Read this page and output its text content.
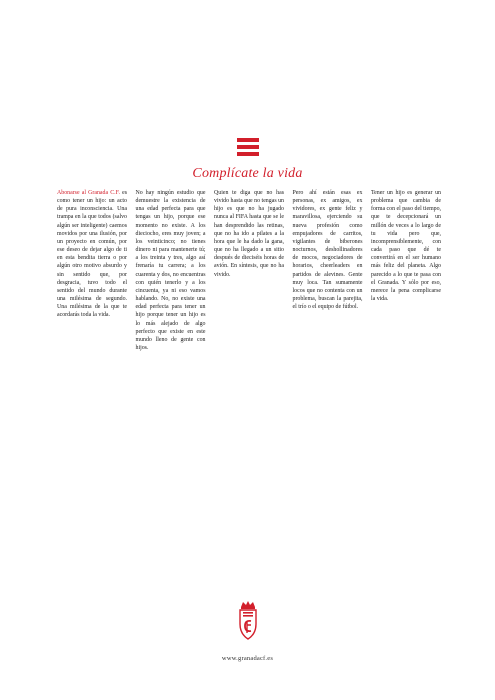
Complícate la vida

Abonarse al Granada C.F. es como tener un hijo: un acto de pura inconsciencia. Una trampa en la que todos (salvo algún ser inteligente) caemos movidos por una ilusión, por un proyecto en común, por ese deseo de dejar algo de ti en esta bendita tierra o por algún otro motivo absurdo y sin sentido que, por desgracia, tuvo todo el sentido del mundo durante una milésima de segundo. Una milésima de la que te acordarás toda la vida.

No hay ningún estudio que demuestre la existencia de una edad perfecta para que tengas un hijo, porque ese momento no existe. A los dieciocho, eres muy joven; a los veinticinco; no tienes dinero ni para mantenerte tú; a los treinta y tres, algo así frenaría tu carrera; a los cuarenta y dos, no encuentras con quién tenerlo y a los cincuenta, ya ni eso vamos hablando. No, no existe una edad perfecta para tener un hijo porque tener un hijo es lo más alejado de algo perfecto que existe en este mundo lleno de gente con hijos.

Quien te diga que no has vivido hasta que no tengas un hijo es que no ha jugado nunca al FIFA hasta que se le han desprendido las retinas, que no ha ido a pilates a la hora que le ha dado la gana, que no ha llegado a un sitio después de dieciséis horas de avión. En síntesis, que no ha vivido.

Pero ahí están esas ex personas, ex amigos, ex vividores, ex gente feliz y maravillosa, ejerciendo su nueva profesión como empujadores de carritos, vigilantes de biberones nocturnos, deshollinadores de mocos, negociadores de horarios, cheerleaders en partidos de alevines. Gente muy loca. Tan sumamente locos que no contenta con un problema, buscan la parejita, el trío o el equipo de fútbol.

Tener un hijo es generar un problema que cambia de forma con el paso del tiempo, que te decepcionará un millón de veces a lo largo de tu vida pero que, incomprensiblemente, con cada paso que dé te convertirá en el ser humano más feliz del planeta. Algo parecido a lo que te pasa con el Granada. Y sólo por eso, merece la pena complicarse la vida.

www.granadacf.es
